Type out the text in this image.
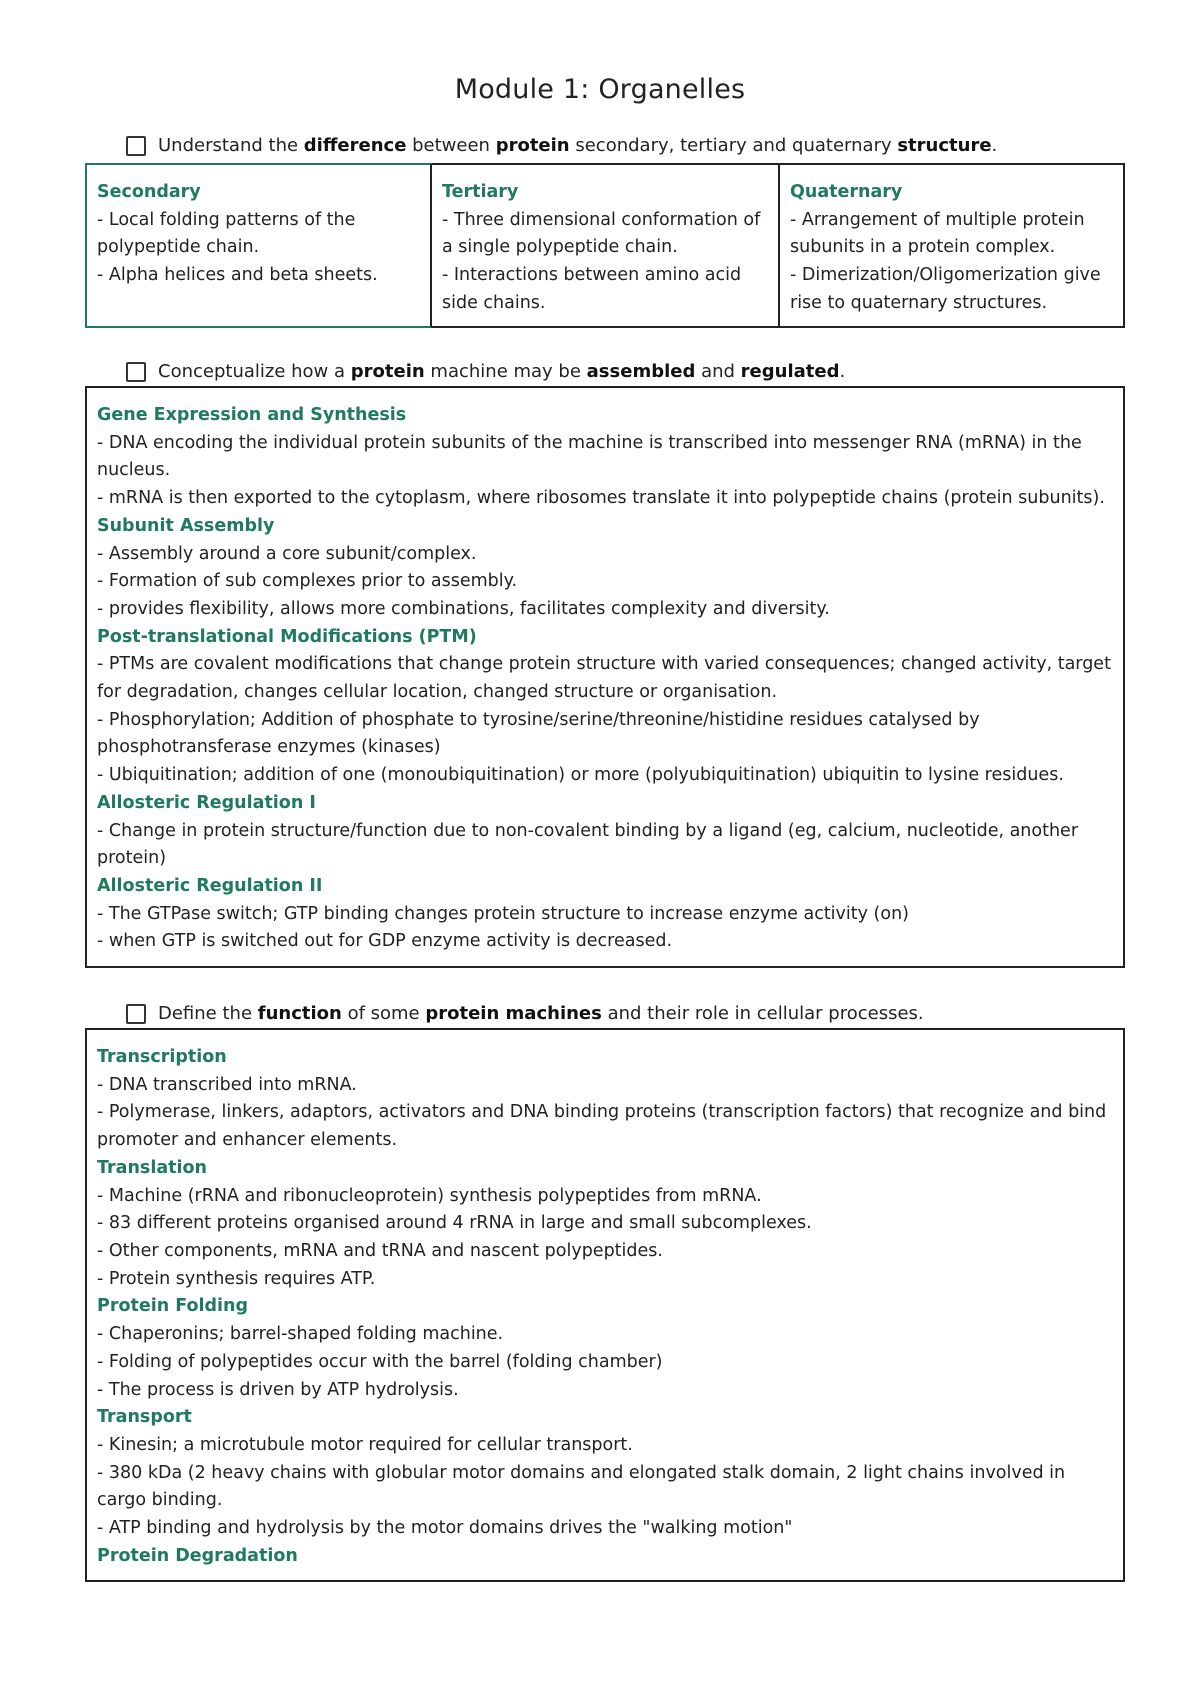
Module 1: Organelles
Understand the difference between protein secondary, tertiary and quaternary structure.
Secondary
- Local folding patterns of the polypeptide chain.
- Alpha helices and beta sheets.
Tertiary
- Three dimensional conformation of a single polypeptide chain.
- Interactions between amino acid side chains.
Quaternary
- Arrangement of multiple protein subunits in a protein complex.
- Dimerization/Oligomerization give rise to quaternary structures.
Conceptualize how a protein machine may be assembled and regulated.
Gene Expression and Synthesis
- DNA encoding the individual protein subunits of the machine is transcribed into messenger RNA (mRNA) in the nucleus.
- mRNA is then exported to the cytoplasm, where ribosomes translate it into polypeptide chains (protein subunits).
Subunit Assembly
- Assembly around a core subunit/complex.
- Formation of sub complexes prior to assembly.
- provides flexibility, allows more combinations, facilitates complexity and diversity.
Post-translational Modifications (PTM)
- PTMs are covalent modifications that change protein structure with varied consequences; changed activity, target for degradation, changes cellular location, changed structure or organisation.
- Phosphorylation; Addition of phosphate to tyrosine/serine/threonine/histidine residues catalysed by phosphotransferase enzymes (kinases)
- Ubiquitination; addition of one (monoubiquitination) or more (polyubiquitination) ubiquitin to lysine residues.
Allosteric Regulation I
- Change in protein structure/function due to non-covalent binding by a ligand (eg, calcium, nucleotide, another protein)
Allosteric Regulation II
- The GTPase switch; GTP binding changes protein structure to increase enzyme activity (on)
- when GTP is switched out for GDP enzyme activity is decreased.
Define the function of some protein machines and their role in cellular processes.
Transcription
- DNA transcribed into mRNA.
- Polymerase, linkers, adaptors, activators and DNA binding proteins (transcription factors) that recognize and bind promoter and enhancer elements.
Translation
- Machine (rRNA and ribonucleoprotein) synthesis polypeptides from mRNA.
- 83 different proteins organised around 4 rRNA in large and small subcomplexes.
- Other components, mRNA and tRNA and nascent polypeptides.
- Protein synthesis requires ATP.
Protein Folding
- Chaperonins; barrel-shaped folding machine.
- Folding of polypeptides occur with the barrel (folding chamber)
- The process is driven by ATP hydrolysis.
Transport
- Kinesin; a microtubule motor required for cellular transport.
- 380 kDa (2 heavy chains with globular motor domains and elongated stalk domain, 2 light chains involved in cargo binding.
- ATP binding and hydrolysis by the motor domains drives the "walking motion"
Protein Degradation
